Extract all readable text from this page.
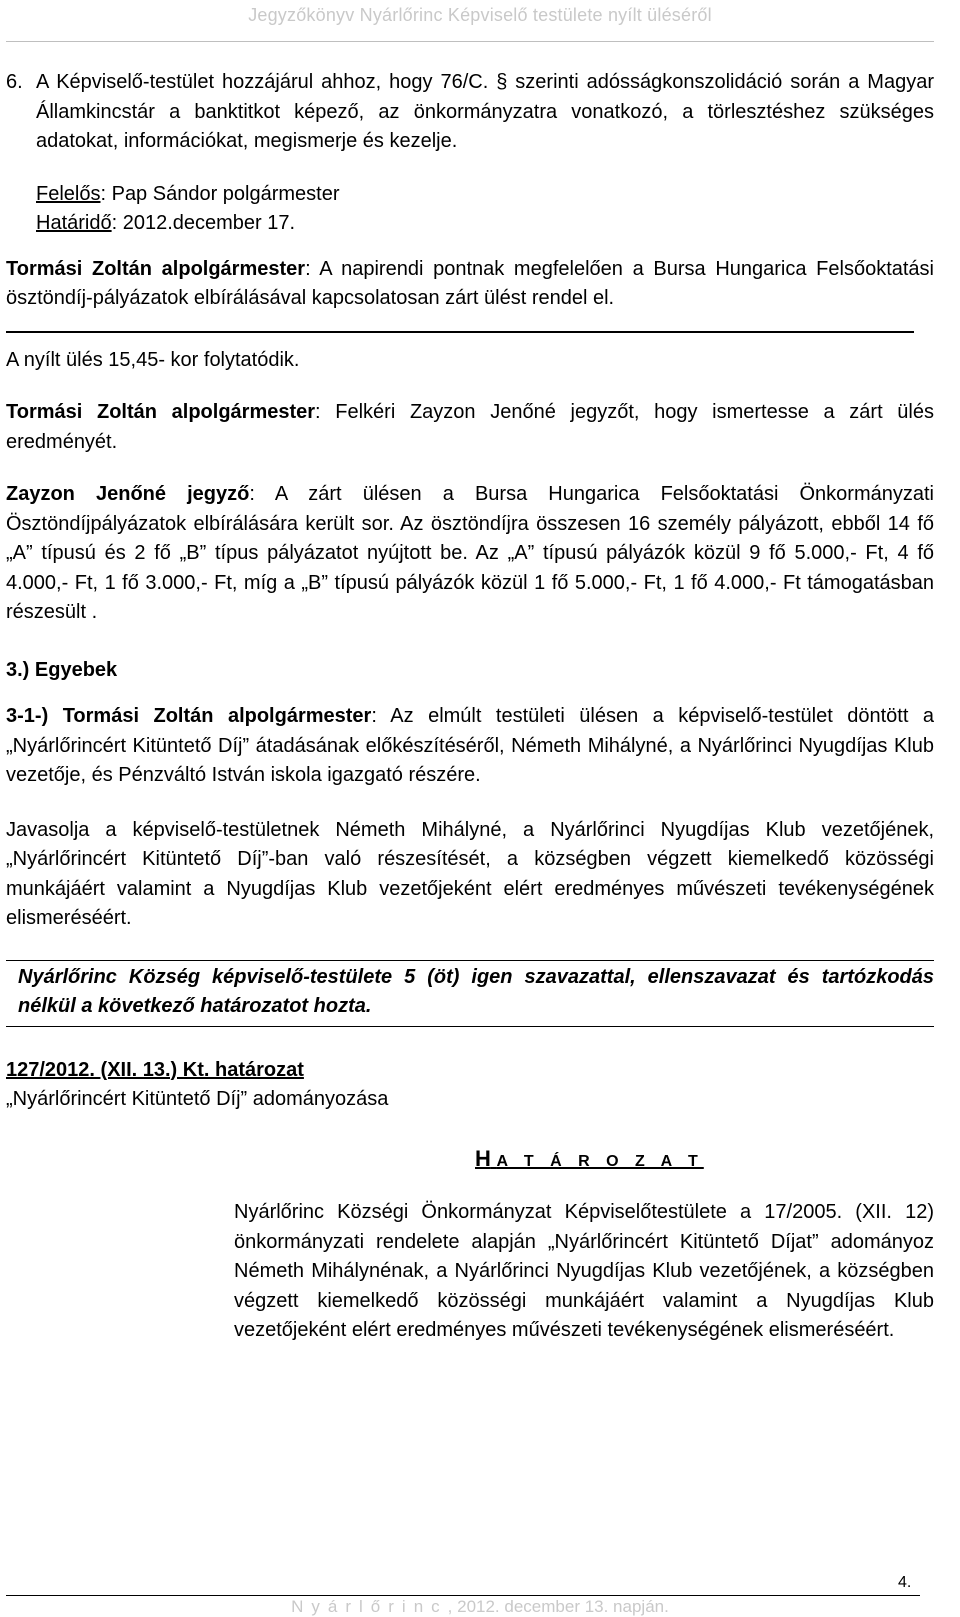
Jegyzőkönyv Nyárlőrinc Képviselő testülete nyílt üléséről
6. A Képviselő-testület hozzájárul ahhoz, hogy 76/C. § szerinti adósságkonszolidáció során a Magyar Államkincstár a banktitkot képező, az önkormányzatra vonatkozó, a törlesztéshez szükséges adatokat, információkat, megismerje és kezelje.

Felelős: Pap Sándor polgármester

Határidő: 2012.december 17.

Tormási Zoltán alpolgármester: A napirendi pontnak megfelelően a Bursa Hungarica Felsőoktatási ösztöndíj-pályázatok elbírálásával kapcsolatosan zárt ülést rendel el.

A nyílt ülés 15,45- kor folytatódik.

Tormási Zoltán alpolgármester: Felkéri Zayzon Jenőné jegyzőt, hogy ismertesse a zárt ülés eredményét.

Zayzon Jenőné jegyző: A zárt ülésen a Bursa Hungarica Felsőoktatási Önkormányzati Ösztöndíjpályázatok elbírálására került sor. Az ösztöndíjra összesen 16 személy pályázott, ebből 14 fő „A” típusú és 2 fő „B” típus pályázatot nyújtott be. Az „A” típusú pályázók közül 9 fő 5.000,- Ft, 4 fő 4.000,- Ft, 1 fő 3.000,- Ft, míg a „B” típusú pályázók közül 1 fő 5.000,- Ft, 1 fő 4.000,- Ft támogatásban részesült .

3.) Egyebek

3-1-) Tormási Zoltán alpolgármester: Az elmúlt testületi ülésen a képviselő-testület döntött a „Nyárlőrincért Kitüntető Díj” átadásának előkészítéséről, Németh Mihályné, a Nyárlőrinci Nyugdíjas Klub vezetője, és Pénzváltó István iskola igazgató részére.

Javasolja a képviselő-testületnek Németh Mihályné, a Nyárlőrinci Nyugdíjas Klub vezetőjének, „Nyárlőrincért Kitüntető Díj”-ban való részesítését, a községben végzett kiemelkedő közösségi munkájáért valamint a Nyugdíjas Klub vezetőjeként elért eredményes művészeti tevékenységének elismeréséért.

Nyárlőrinc Község képviselő-testülete 5 (öt) igen szavazattal, ellenszavazat és tartózkodás nélkül a következő határozatot hozta.

127/2012. (XII. 13.) Kt. határozat

„Nyárlőrincért Kitüntető Díj” adományozása

H A T Á R O Z A T

Nyárlőrinc Községi Önkormányzat Képviselőtestülete a 17/2005. (XII. 12) önkormányzati rendelete alapján „Nyárlőrincért Kitüntető Díjat” adományoz Németh Mihálynénak, a Nyárlőrinci Nyugdíjas Klub vezetőjének, a községben végzett kiemelkedő közösségi munkájáért valamint a Nyugdíjas Klub vezetőjeként elért eredményes művészeti tevékenységének elismeréséért.

4.
Nyárlőrinc, 2012. december 13. napján.
